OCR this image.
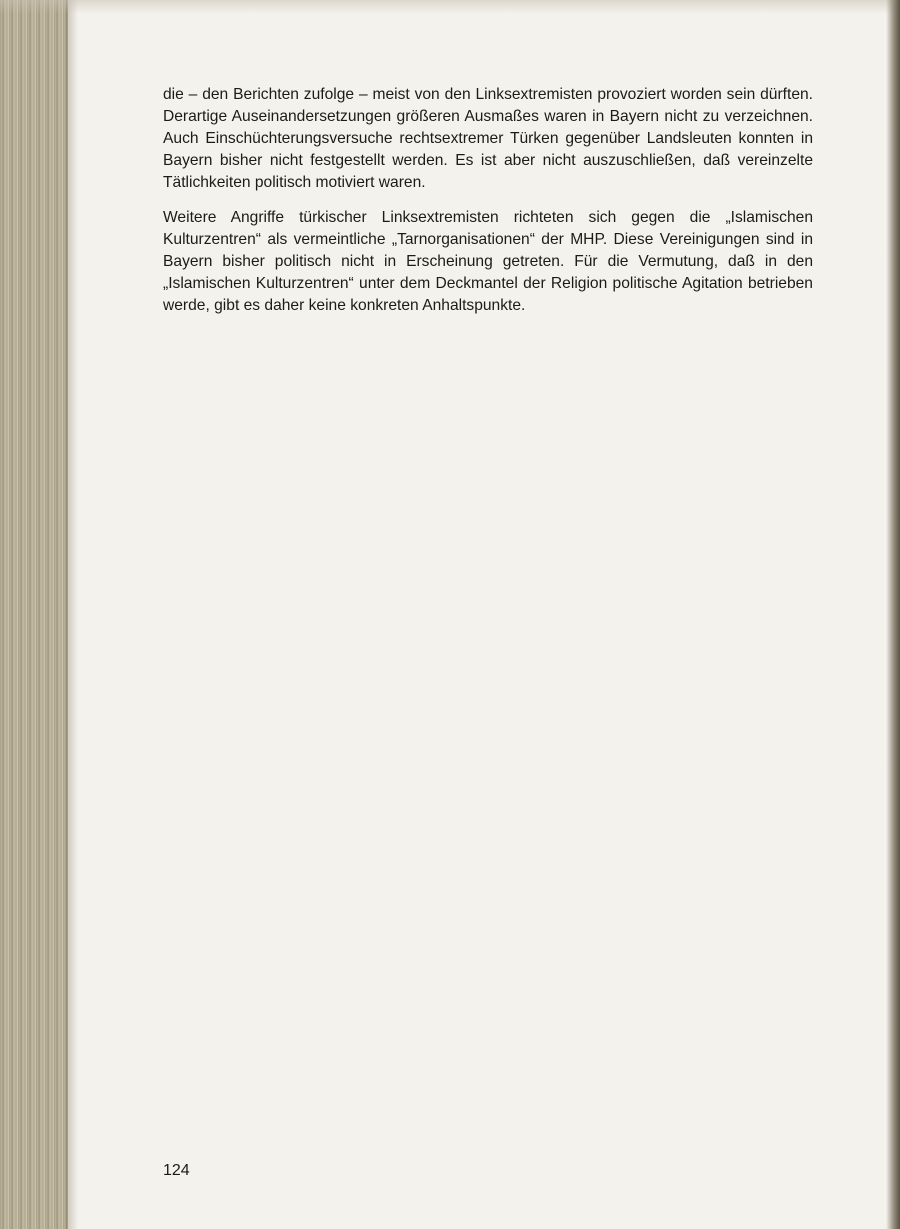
die – den Berichten zufolge – meist von den Linksextremisten provoziert worden sein dürften. Derartige Auseinandersetzungen größeren Ausmaßes waren in Bayern nicht zu verzeichnen. Auch Einschüchterungsversuche rechtsextremer Türken gegenüber Landsleuten konnten in Bayern bisher nicht festgestellt werden. Es ist aber nicht auszuschließen, daß vereinzelte Tätlichkeiten politisch motiviert waren.

Weitere Angriffe türkischer Linksextremisten richteten sich gegen die „Islamischen Kulturzentren“ als vermeintliche „Tarnorganisationen“ der MHP. Diese Vereinigungen sind in Bayern bisher politisch nicht in Erscheinung getreten. Für die Vermutung, daß in den „Islamischen Kulturzentren“ unter dem Deckmantel der Religion politische Agitation betrieben werde, gibt es daher keine konkreten Anhaltspunkte.

124
